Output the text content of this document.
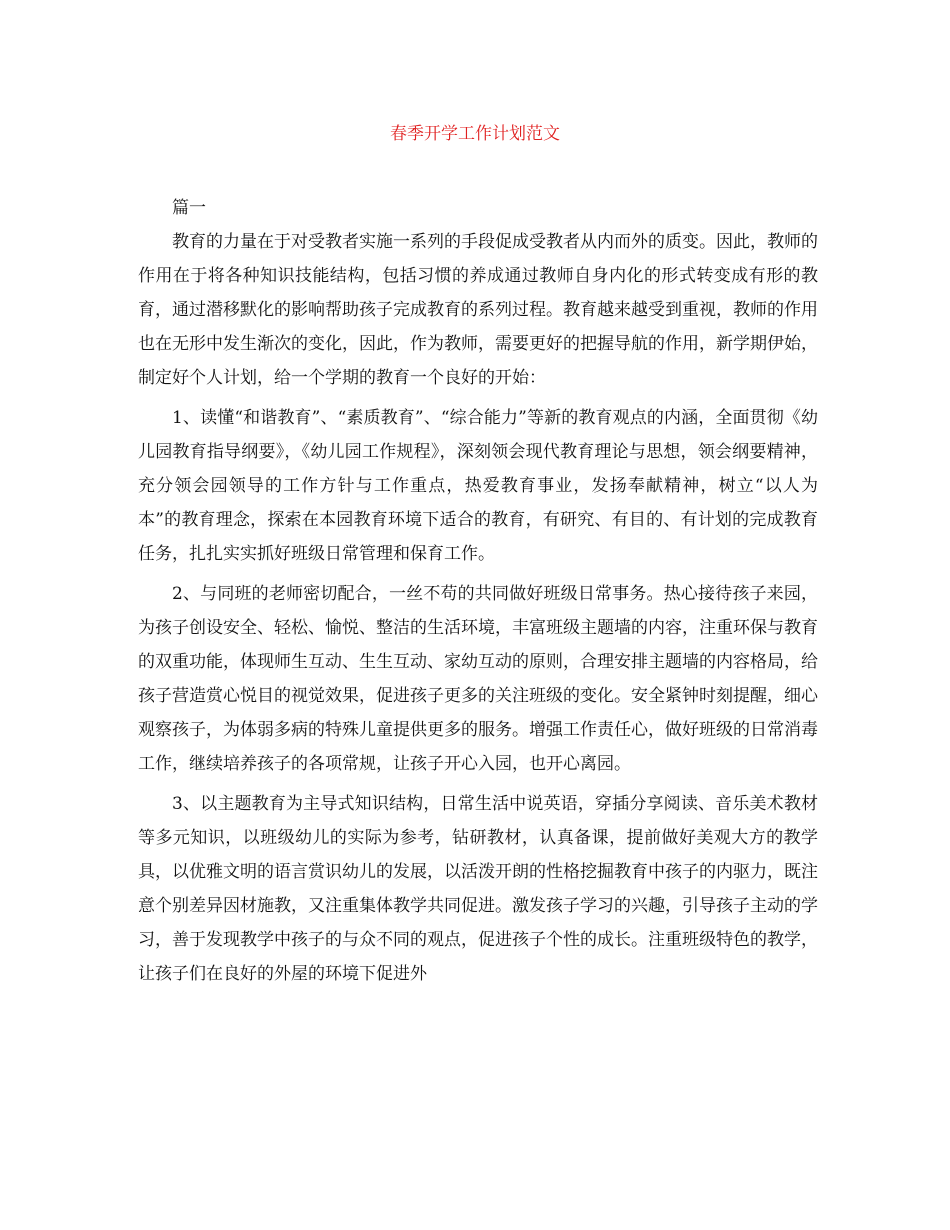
春季开学工作计划范文

篇一

教育的力量在于对受教者实施一系列的手段促成受教者从内而外的质变。因此，教师的作用在于将各种知识技能结构，包括习惯的养成通过教师自身内化的形式转变成有形的教育，通过潜移默化的影响帮助孩子完成教育的系列过程。教育越来越受到重视，教师的作用也在无形中发生渐次的变化，因此，作为教师，需要更好的把握导航的作用，新学期伊始，制定好个人计划，给一个学期的教育一个良好的开始：

1、读懂“和谐教育”、“素质教育”、“综合能力”等新的教育观点的内涵，全面贯彻《幼儿园教育指导纲要》，《幼儿园工作规程》，深刻领会现代教育理论与思想，领会纲要精神，充分领会园领导的工作方针与工作重点，热爱教育事业，发扬奉献精神，树立“以人为本”的教育理念，探索在本园教育环境下适合的教育，有研究、有目的、有计划的完成教育任务，扎扎实实抓好班级日常管理和保育工作。

2、与同班的老师密切配合，一丝不苟的共同做好班级日常事务。热心接待孩子来园，为孩子创设安全、轻松、愉悦、整洁的生活环境，丰富班级主题墙的内容，注重环保与教育的双重功能，体现师生互动、生生互动、家幼互动的原则，合理安排主题墙的内容格局，给孩子营造赏心悦目的视觉效果，促进孩子更多的关注班级的变化。安全紧钟时刻提醒，细心观察孩子，为体弱多病的特殊儿童提供更多的服务。增强工作责任心，做好班级的日常消毒工作，继续培养孩子的各项常规，让孩子开心入园，也开心离园。

3、以主题教育为主导式知识结构，日常生活中说英语，穿插分享阅读、音乐美术教材等多元知识，以班级幼儿的实际为参考，钻研教材，认真备课，提前做好美观大方的教学具，以优雅文明的语言赏识幼儿的发展，以活泼开朗的性格挖掘教育中孩子的内驱力，既注意个别差异因材施教，又注重集体教学共同促进。激发孩子学习的兴趣，引导孩子主动的学习，善于发现教学中孩子的与众不同的观点，促进孩子个性的成长。注重班级特色的教学，让孩子们在良好的外屋的环境下促进外
